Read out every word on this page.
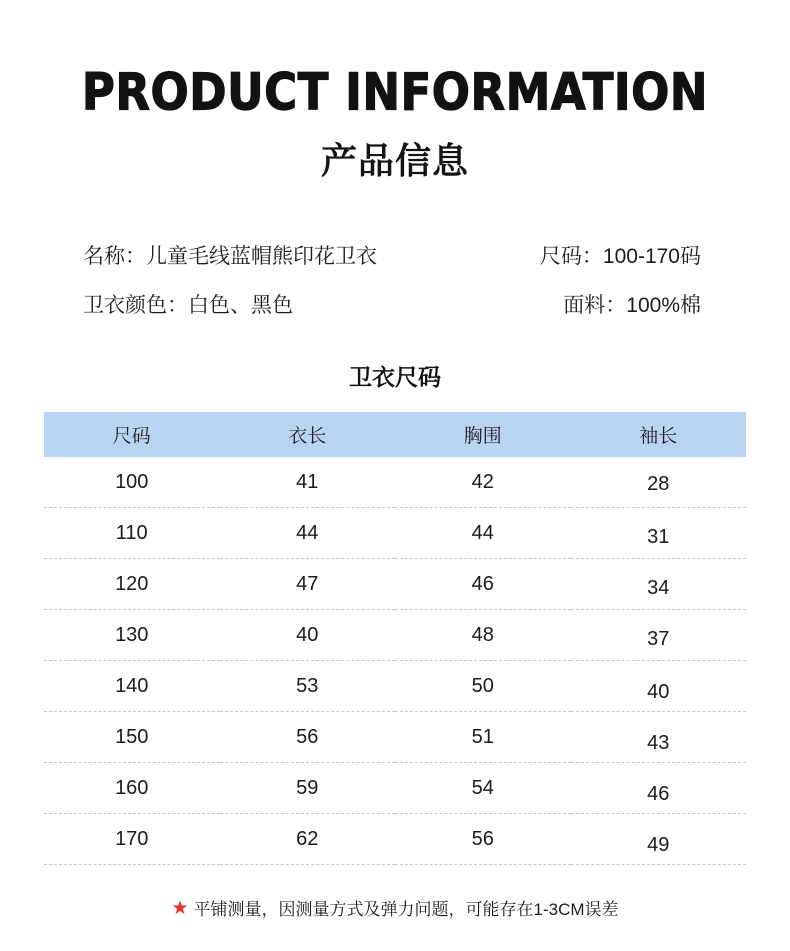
PRODUCT INFORMATION
产品信息
名称： 儿童毛线蓝帽熊印花卫衣	尺码： 100-170码
卫衣颜色： 白色、黑色	面料： 100%棉
卫衣尺码
尺码	衣长	胸围	袖长
100	41	42	28
110	44	44	31
120	47	46	34
130	40	48	37
140	53	50	40
150	56	51	43
160	59	54	46
170	62	56	49
★ 平铺测量，因测量方式及弹力问题，可能存在1-3CM误差
